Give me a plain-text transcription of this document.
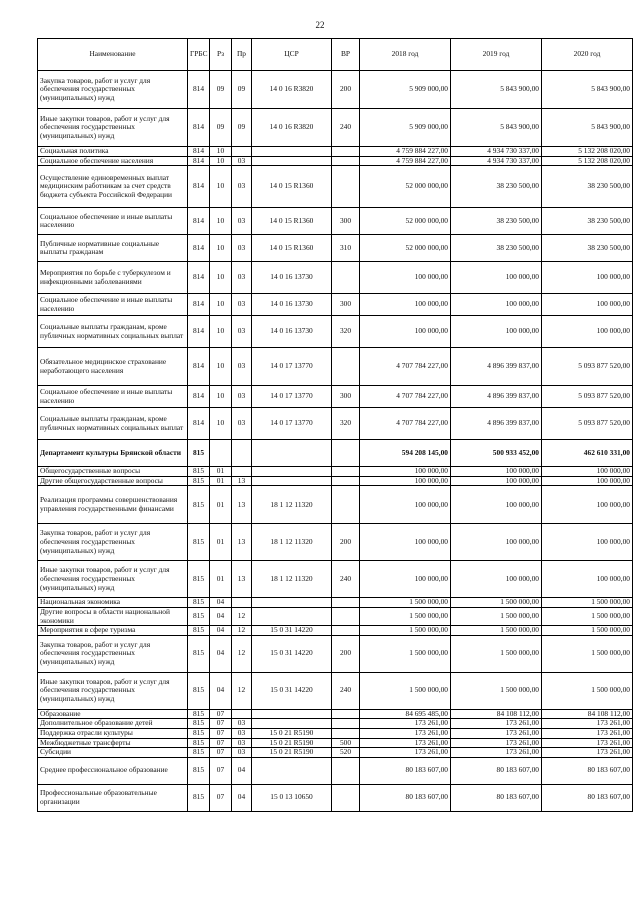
22
Наименование	ГРБС	Рз	Пр	ЦСР	ВР	2018 год	2019 год	2020 год
Закупка товаров, работ и услуг для обеспечения государственных (муниципальных) нужд	814	09	09	14 0 16 R3820	200	5 909 000,00	5 843 900,00	5 843 900,00
Иные закупки товаров, работ и услуг для обеспечения государственных (муниципальных) нужд	814	09	09	14 0 16 R3820	240	5 909 000,00	5 843 900,00	5 843 900,00
Социальная политика	814	10				4 759 884 227,00	4 934 730 337,00	5 132 208 020,00
Социальное обеспечение населения	814	10	03			4 759 884 227,00	4 934 730 337,00	5 132 208 020,00
Осуществление единовременных выплат медицинским работникам за счет средств бюджета субъекта Российской Федерации	814	10	03	14 0 15 R1360		52 000 000,00	38 230 500,00	38 230 500,00
Социальное обеспечение и иные выплаты населению	814	10	03	14 0 15 R1360	300	52 000 000,00	38 230 500,00	38 230 500,00
Публичные нормативные социальные выплаты гражданам	814	10	03	14 0 15 R1360	310	52 000 000,00	38 230 500,00	38 230 500,00
Мероприятия по борьбе с туберкулезом и инфекционными заболеваниями	814	10	03	14 0 16 13730		100 000,00	100 000,00	100 000,00
Социальное обеспечение и иные выплаты населению	814	10	03	14 0 16 13730	300	100 000,00	100 000,00	100 000,00
Социальные выплаты гражданам, кроме публичных нормативных социальных выплат	814	10	03	14 0 16 13730	320	100 000,00	100 000,00	100 000,00
Обязательное медицинское страхование неработающего населения	814	10	03	14 0 17 13770		4 707 784 227,00	4 896 399 837,00	5 093 877 520,00
Социальное обеспечение и иные выплаты населению	814	10	03	14 0 17 13770	300	4 707 784 227,00	4 896 399 837,00	5 093 877 520,00
Социальные выплаты гражданам, кроме публичных нормативных социальных выплат	814	10	03	14 0 17 13770	320	4 707 784 227,00	4 896 399 837,00	5 093 877 520,00
Департамент культуры Брянской области	815					594 208 145,00	500 933 452,00	462 610 331,00
Общегосударственные вопросы	815	01				100 000,00	100 000,00	100 000,00
Другие общегосударственные вопросы	815	01	13			100 000,00	100 000,00	100 000,00
Реализация программы совершенствования управления государственными финансами	815	01	13	18 1 12 11320		100 000,00	100 000,00	100 000,00
Закупка товаров, работ и услуг для обеспечения государственных (муниципальных) нужд	815	01	13	18 1 12 11320	200	100 000,00	100 000,00	100 000,00
Иные закупки товаров, работ и услуг для обеспечения государственных (муниципальных) нужд	815	01	13	18 1 12 11320	240	100 000,00	100 000,00	100 000,00
Национальная экономика	815	04				1 500 000,00	1 500 000,00	1 500 000,00
Другие вопросы в области национальной экономики	815	04	12			1 500 000,00	1 500 000,00	1 500 000,00
Мероприятия в сфере туризма	815	04	12	15 0 31 14220		1 500 000,00	1 500 000,00	1 500 000,00
Закупка товаров, работ и услуг для обеспечения государственных (муниципальных) нужд	815	04	12	15 0 31 14220	200	1 500 000,00	1 500 000,00	1 500 000,00
Иные закупки товаров, работ и услуг для обеспечения государственных (муниципальных) нужд	815	04	12	15 0 31 14220	240	1 500 000,00	1 500 000,00	1 500 000,00
Образование	815	07				84 695 485,00	84 108 112,00	84 108 112,00
Дополнительное образование детей	815	07	03			173 261,00	173 261,00	173 261,00
Поддержка отрасли культуры	815	07	03	15 0 21 R5190		173 261,00	173 261,00	173 261,00
Межбюджетные трансферты	815	07	03	15 0 21 R5190	500	173 261,00	173 261,00	173 261,00
Субсидии	815	07	03	15 0 21 R5190	520	173 261,00	173 261,00	173 261,00
Среднее профессиональное образование	815	07	04			80 183 607,00	80 183 607,00	80 183 607,00
Профессиональные образовательные организации	815	07	04	15 0 13 10650		80 183 607,00	80 183 607,00	80 183 607,00
